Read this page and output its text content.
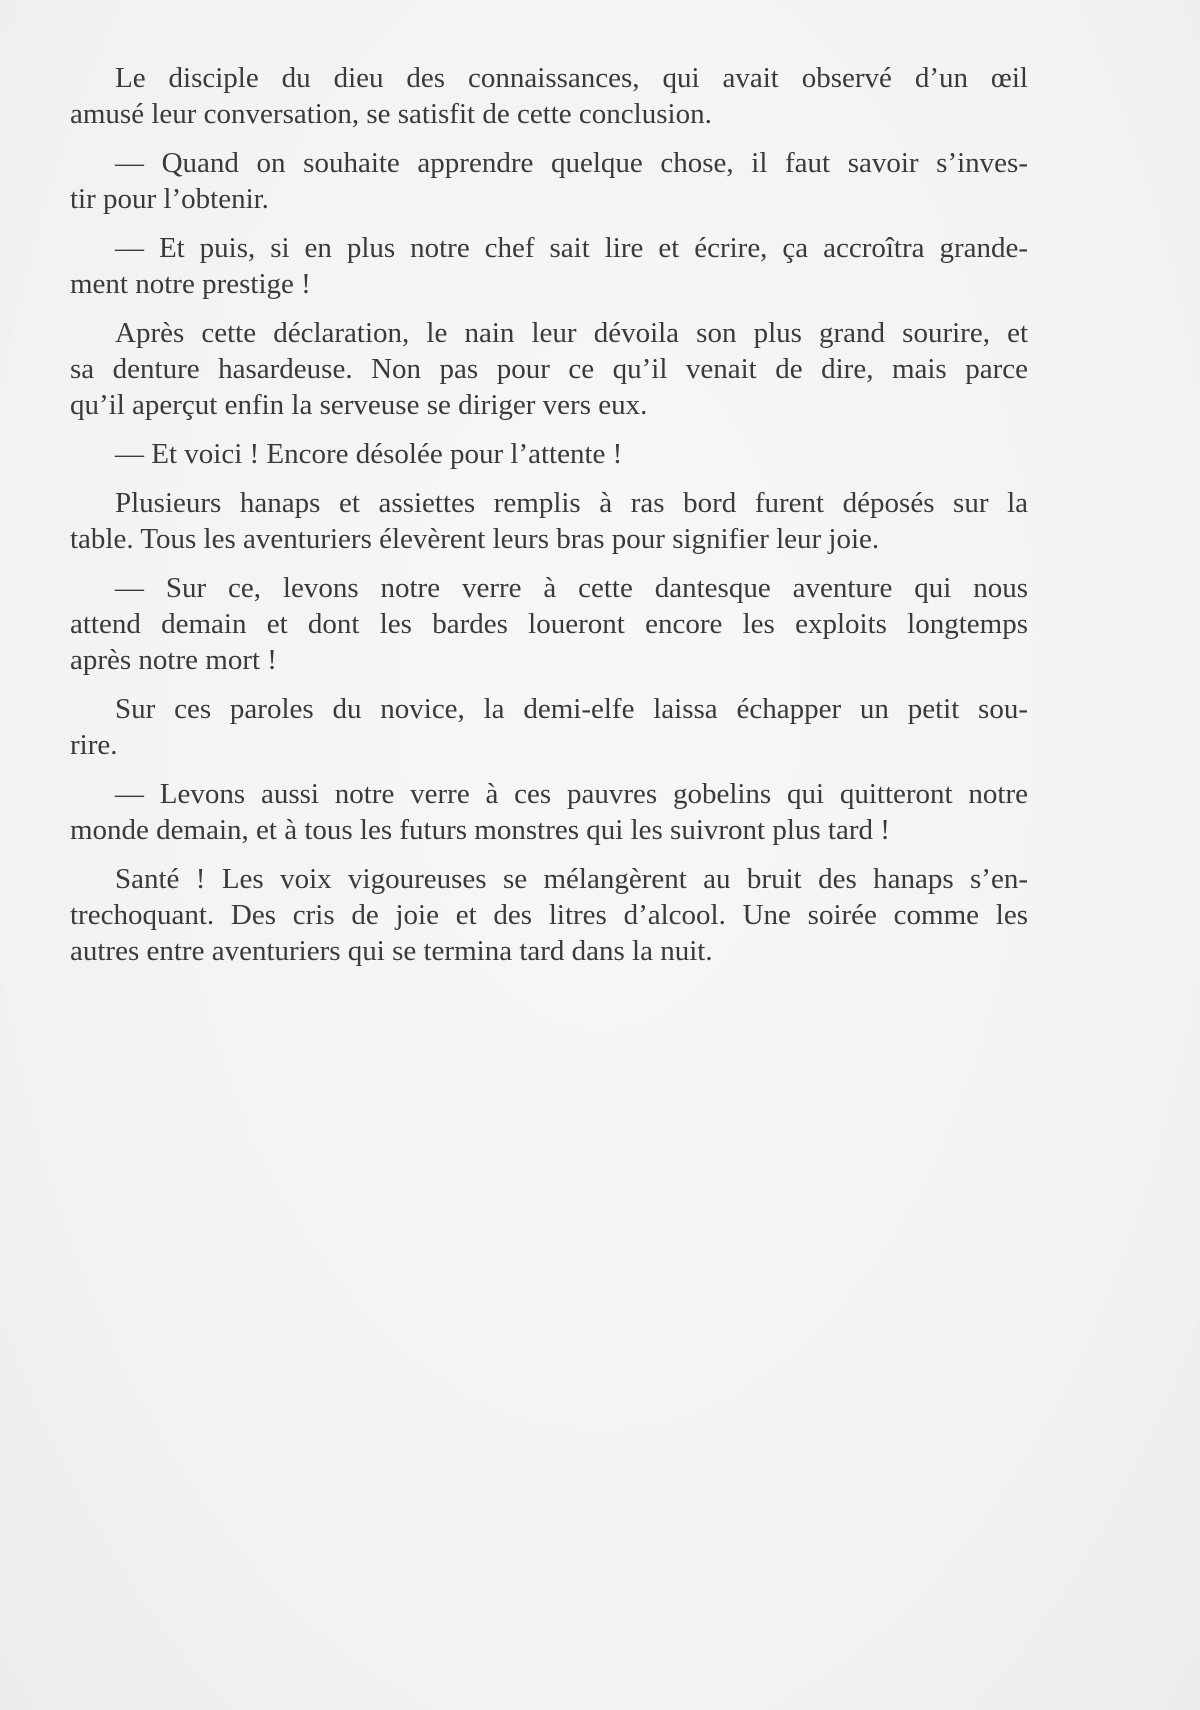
Le disciple du dieu des connaissances, qui avait observé d’un œil
amusé leur conversation, se satisfit de cette conclusion.
— Quand on souhaite apprendre quelque chose, il faut savoir s’inves-
tir pour l’obtenir.
— Et puis, si en plus notre chef sait lire et écrire, ça accroîtra grande-
ment notre prestige !
Après cette déclaration, le nain leur dévoila son plus grand sourire, et
sa denture hasardeuse. Non pas pour ce qu’il venait de dire, mais parce
qu’il aperçut enfin la serveuse se diriger vers eux.
— Et voici ! Encore désolée pour l’attente !
Plusieurs hanaps et assiettes remplis à ras bord furent déposés sur la
table. Tous les aventuriers élevèrent leurs bras pour signifier leur joie.
— Sur ce, levons notre verre à cette dantesque aventure qui nous
attend demain et dont les bardes loueront encore les exploits longtemps
après notre mort !
Sur ces paroles du novice, la demi-elfe laissa échapper un petit sou-
rire.
— Levons aussi notre verre à ces pauvres gobelins qui quitteront notre
monde demain, et à tous les futurs monstres qui les suivront plus tard !
Santé ! Les voix vigoureuses se mélangèrent au bruit des hanaps s’en-
trechoquant. Des cris de joie et des litres d’alcool. Une soirée comme les
autres entre aventuriers qui se termina tard dans la nuit.
